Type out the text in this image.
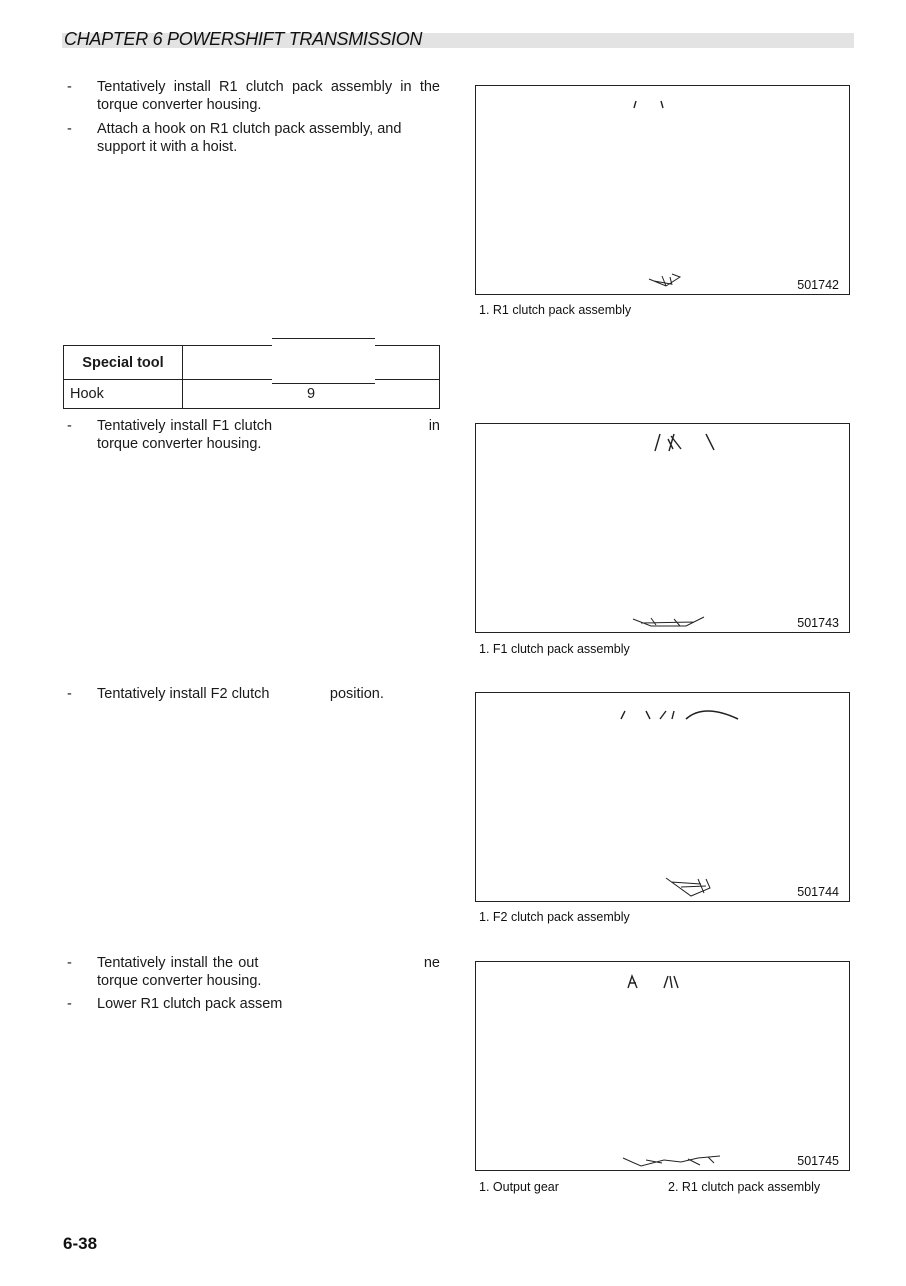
CHAPTER 6 POWERSHIFT TRANSMISSION
- Tentatively install R1 clutch pack assembly in the torque converter housing.
- Attach a hook on R1 clutch pack assembly, and support it with a hoist.
Special tool	
Hook	9
- Tentatively install F1 clutch                                in torque converter housing.
- Tentatively install F2 clutch               position.
- Tentatively install the out                                ne torque converter housing.
- Lower R1 clutch pack assem
501742
1. R1 clutch pack assembly
501743
1. F1 clutch pack assembly
501744
1. F2 clutch pack assembly
501745
1. Output gear	2. R1 clutch pack assembly
6-38
